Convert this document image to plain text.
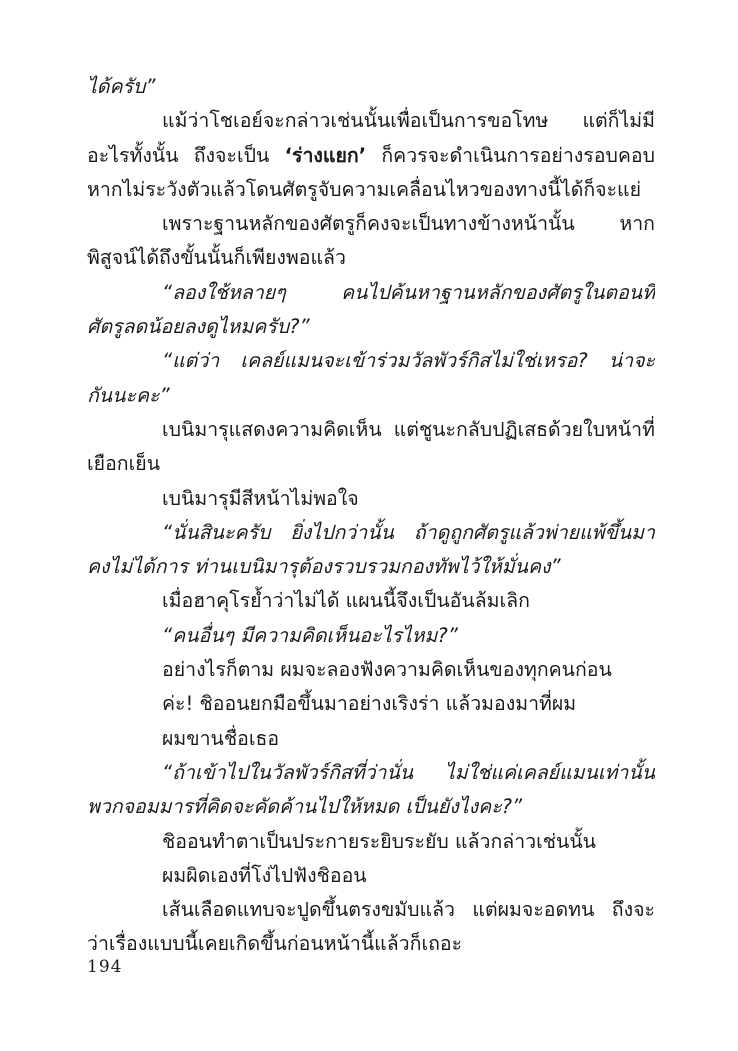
ได้ครับ”
แม้ว่าโชเอย์จะกล่าวเช่นนั้นเพื่อเป็นการขอโทษ แต่ก็ไม่มี
อะไรทั้งนั้น ถึงจะเป็น ‘ร่างแยก’ ก็ควรจะดำเนินการอย่างรอบคอบ
หากไม่ระวังตัวแล้วโดนศัตรูจับความเคลื่อนไหวของทางนี้ได้ก็จะแย่
เพราะฐานหลักของศัตรูก็คงจะเป็นทางข้างหน้านั้น หาก
พิสูจน์ได้ถึงขั้นนั้นก็เพียงพอแล้ว
“ลองใช้หลายๆ คนไปค้นหาฐานหลักของศัตรูในตอนที่
ศัตรูลดน้อยลงดูไหมครับ?”
“แต่ว่า เคลย์แมนจะเข้าร่วมวัลพัวร์กิสไม่ใช่เหรอ? น่าจะ
กันนะคะ”
เบนิมารุแสดงความคิดเห็น แต่ชูนะกลับปฏิเสธด้วยใบหน้าที่
เยือกเย็น
เบนิมารุมีสีหน้าไม่พอใจ
“นั่นสินะครับ ยิ่งไปกว่านั้น ถ้าดูถูกศัตรูแล้วพ่ายแพ้ขึ้นมา
คงไม่ได้การ ท่านเบนิมารุต้องรวบรวมกองทัพไว้ให้มั่นคง”
เมื่อฮาคุโรย้ำว่าไม่ได้ แผนนี้จึงเป็นอันล้มเลิก
“คนอื่นๆ มีความคิดเห็นอะไรไหม?”
อย่างไรก็ตาม ผมจะลองฟังความคิดเห็นของทุกคนก่อน
ค่ะ! ชิออนยกมือขึ้นมาอย่างเริงร่า แล้วมองมาที่ผม
ผมขานชื่อเธอ
“ถ้าเข้าไปในวัลพัวร์กิสที่ว่านั่น ไม่ใช่แค่เคลย์แมนเท่านั้น
พวกจอมมารที่คิดจะคัดค้านไปให้หมด เป็นยังไงคะ?”
ชิออนทำตาเป็นประกายระยิบระยับ แล้วกล่าวเช่นนั้น
ผมผิดเองที่โง่ไปฟังชิออน
เส้นเลือดแทบจะปูดขึ้นตรงขมับแล้ว แต่ผมจะอดทน ถึงจะ
ว่าเรื่องแบบนี้เคยเกิดขึ้นก่อนหน้านี้แล้วก็เถอะ
194
